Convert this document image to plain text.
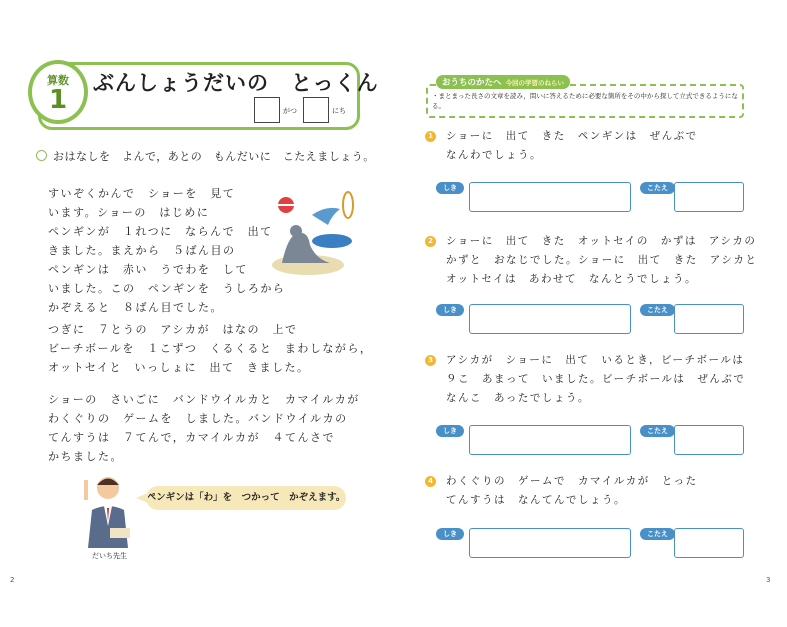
算数
1
ぶんしょうだいの　とっくん
がつ	にち
おはなしを　よんで，あとの　もんだいに　こたえましょう。
すいぞくかんで　ショーを　見て
います。ショーの　はじめに
ペンギンが　１れつに　ならんで　出て
きました。まえから　５ばん目の
ペンギンは　赤い　うでわを　して
いました。この　ペンギンを　うしろから
かぞえると　８ばん目でした。
つぎに　７とうの　アシカが　はなの　上で
ビーチボールを　１こずつ　くるくると　まわしながら，
オットセイと　いっしょに　出て　きました。
ショーの　さいごに　バンドウイルカと　カマイルカが
わくぐりの　ゲームを　しました。バンドウイルカの
てんすうは　７てんで，カマイルカが　４てんさで
かちました。
ペンギンは「わ」を　つかって　かぞえます。
だいち先生
2
おうちのかたへ 今回の学習のねらい
・まとまった長さの文章を読み，問いに答えるために必要な箇所をその中から探して立式できるようになる。
1 ショーに　出て　きた　ペンギンは　ぜんぶで
なんわでしょう。
しき	こたえ
2 ショーに　出て　きた　オットセイの　かずは　アシカの
かずと　おなじでした。ショーに　出て　きた　アシカと
オットセイは　あわせて　なんとうでしょう。
しき	こたえ
3 アシカが　ショーに　出て　いるとき，ビーチボールは
９こ　あまって　いました。ビーチボールは　ぜんぶで
なんこ　あったでしょう。
しき	こたえ
4 わくぐりの　ゲームで　カマイルカが　とった
てんすうは　なんてんでしょう。
しき	こたえ
3
